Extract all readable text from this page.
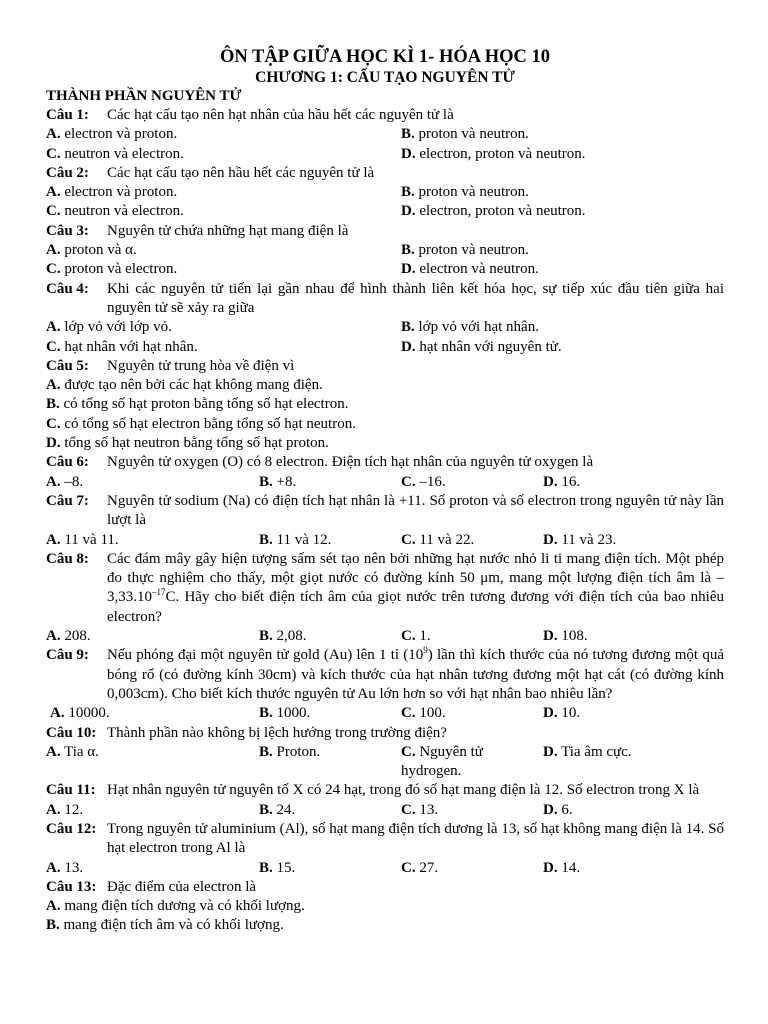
ÔN TẬP GIỮA HỌC KÌ 1- HÓA HỌC 10
CHƯƠNG 1: CẤU TẠO NGUYÊN TỬ
THÀNH PHẦN NGUYÊN TỬ
Câu 1:	Các hạt cấu tạo nên hạt nhân của hầu hết các nguyên tử là
A. electron và proton.	B. proton và neutron.
C. neutron và electron.	D. electron, proton và neutron.
Câu 2:	Các hạt cấu tạo nên hầu hết các nguyên tử là
A. electron và proton.	B. proton và neutron.
C. neutron và electron.	D. electron, proton và neutron.
Câu 3:	Nguyên tử chứa những hạt mang điện là
A. proton và α.	B. proton và neutron.
C. proton và electron.	D. electron và neutron.
Câu 4:	Khi các nguyên tử tiến lại gần nhau để hình thành liên kết hóa học, sự tiếp xúc đầu tiên giữa hai nguyên tử sẽ xảy ra giữa
A. lớp vỏ với lớp vỏ.	B. lớp vỏ với hạt nhân.
C. hạt nhân với hạt nhân.	D. hạt nhân với nguyên tử.
Câu 5:	Nguyên tử trung hòa về điện vì
A. được tạo nên bởi các hạt không mang điện.
B. có tổng số hạt proton bằng tổng số hạt electron.
C. có tổng số hạt electron bằng tổng số hạt neutron.
D. tổng số hạt neutron bằng tổng số hạt proton.
Câu 6:	Nguyên tử oxygen (O) có 8 electron. Điện tích hạt nhân của nguyên tử oxygen là
A. –8.	B. +8.	C. –16.	D. 16.
Câu 7:	Nguyên tử sodium (Na) có điện tích hạt nhân là +11. Số proton và số electron trong nguyên tử này lần lượt là
A. 11 và 11.	B. 11 và 12.	C. 11 và 22.	D. 11 và 23.
Câu 8:	Các đám mây gây hiện tượng sấm sét tạo nên bởi những hạt nước nhỏ li ti mang điện tích. Một phép đo thực nghiệm cho thấy, một giọt nước có đường kính 50 μm, mang một lượng điện tích âm là $-3,33.10^{-17}C$. Hãy cho biết điện tích âm của giọt nước trên tương đương với điện tích của bao nhiêu electron?
A. 208.	B. 2,08.	C. 1.	D. 108.
Câu 9:	Nếu phóng đại một nguyên tử gold (Au) lên 1 tỉ $(10^9)$ lần thì kích thước của nó tương đương một quả bóng rổ (có đường kính 30cm) và kích thước của hạt nhân tương đương một hạt cát (có đường kính 0,003cm). Cho biết kích thước nguyên tử Au lớn hơn so với hạt nhân bao nhiêu lần?
A. 10000.	B. 1000.	C. 100.	D. 10.
Câu 10: Thành phần nào không bị lệch hướng trong trường điện?
A. Tia α.	B. Proton.	C. Nguyên tử hydrogen.
D. Tia âm cực.
Câu 11: Hạt nhân nguyên tử nguyên tố X có 24 hạt, trong đó số hạt mang điện là 12. Số electron trong X là
A. 12.	B. 24.	C. 13.	D. 6.
Câu 12: Trong nguyên tử aluminium (Al), số hạt mang điện tích dương là 13, số hạt không mang điện là 14. Số hạt electron trong Al là
A. 13.	B. 15.	C. 27.	D. 14.
Câu 13: Đặc điểm của electron là
A. mang điện tích dương và có khối lượng.
B. mang điện tích âm và có khối lượng.
